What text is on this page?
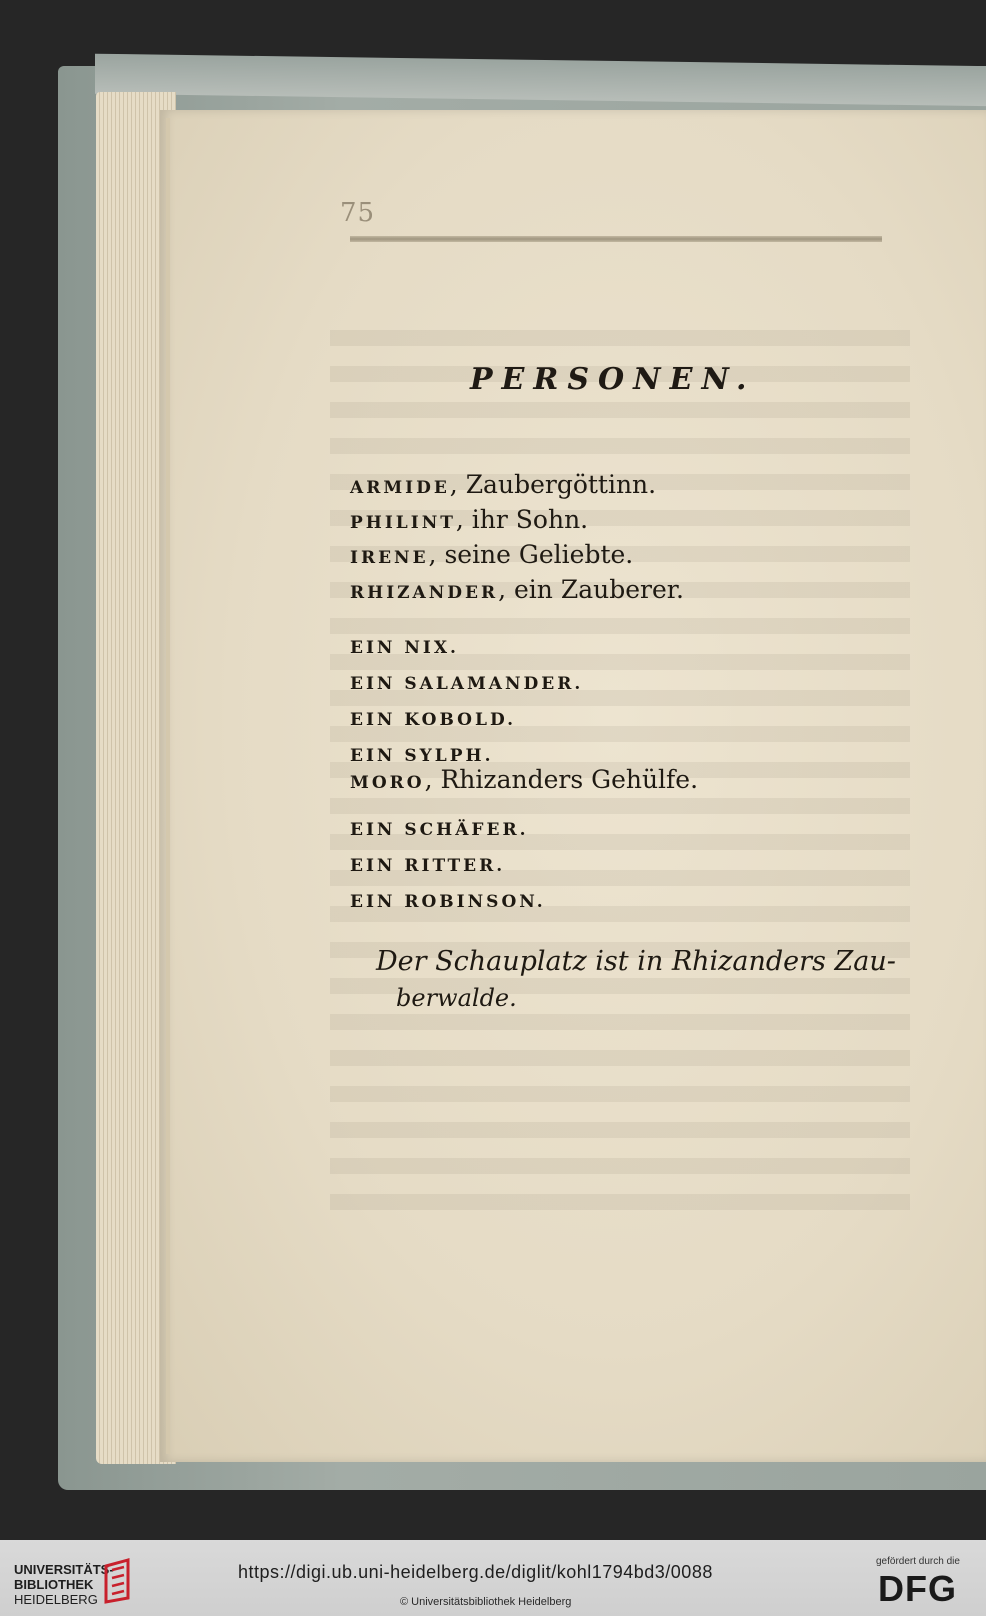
75
PERSONEN.
ARMIDE, Zaubergöttinn.
PHILINT, ihr Sohn.
IRENE, seine Geliebte.
RHIZANDER, ein Zauberer.
EIN NIX.
EIN SALAMANDER.
EIN KOBOLD.
EIN SYLPH.
MORO, Rhizanders Gehülfe.
EIN SCHÄFER.
EIN RITTER.
EIN ROBINSON.
Der Schauplatz ist in Rhizanders Zau-
berwalde.
UNIVERSITÄTS-
BIBLIOTHEK
HEIDELBERG
https://digi.ub.uni-heidelberg.de/diglit/kohl1794bd3/0088
© Universitätsbibliothek Heidelberg
gefördert durch die
DFG
